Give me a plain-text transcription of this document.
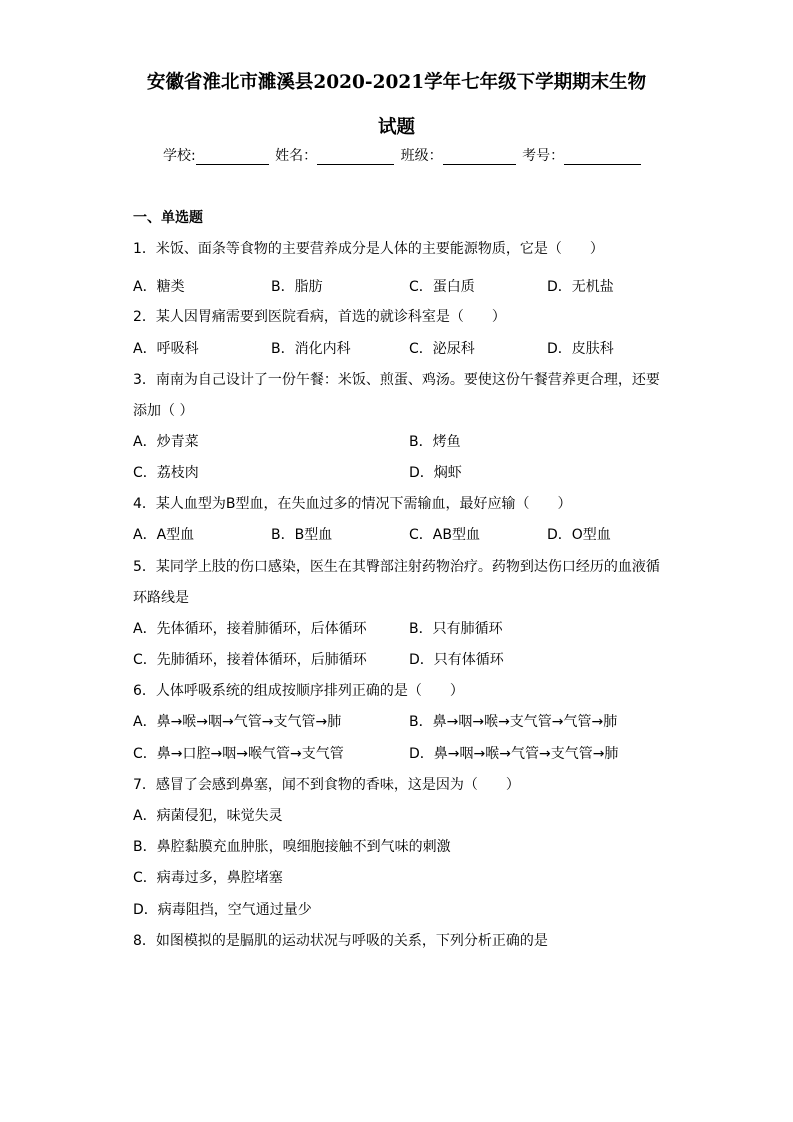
安徽省淮北市濉溪县2020-2021学年七年级下学期期末生物
试题
学校:	姓名：	班级：	考号：
一、单选题
1．米饭、面条等食物的主要营养成分是人体的主要能源物质，它是（　　）
A．糖类	B．脂肪	C．蛋白质	D．无机盐
2．某人因胃痛需要到医院看病，首选的就诊科室是（　　）
A．呼吸科	B．消化内科	C．泌尿科	D．皮肤科
3．南南为自己设计了一份午餐：米饭、煎蛋、鸡汤。要使这份午餐营养更合理，还要
添加（ ）
A．炒青菜	B．烤鱼
C．荔枝肉	D．焖虾
4．某人血型为B型血，在失血过多的情况下需输血，最好应输（　　）
A．A型血	B．B型血	C．AB型血	D．O型血
5．某同学上肢的伤口感染，医生在其臀部注射药物治疗。药物到达伤口经历的血液循
环路线是
A．先体循环，接着肺循环，后体循环	B．只有肺循环
C．先肺循环，接着体循环，后肺循环	D．只有体循环
6．人体呼吸系统的组成按顺序排列正确的是（　　）
A．鼻→喉→咽→气管→支气管→肺	B．鼻→咽→喉→支气管→气管→肺
C．鼻→口腔→咽→喉气管→支气管	D．鼻→咽→喉→气管→支气管→肺
7．感冒了会感到鼻塞，闻不到食物的香味，这是因为（　　）
A．病菌侵犯，味觉失灵
B．鼻腔黏膜充血肿胀，嗅细胞接触不到气味的刺激
C．病毒过多，鼻腔堵塞
D．病毒阻挡，空气通过量少
8．如图模拟的是膈肌的运动状况与呼吸的关系，下列分析正确的是
